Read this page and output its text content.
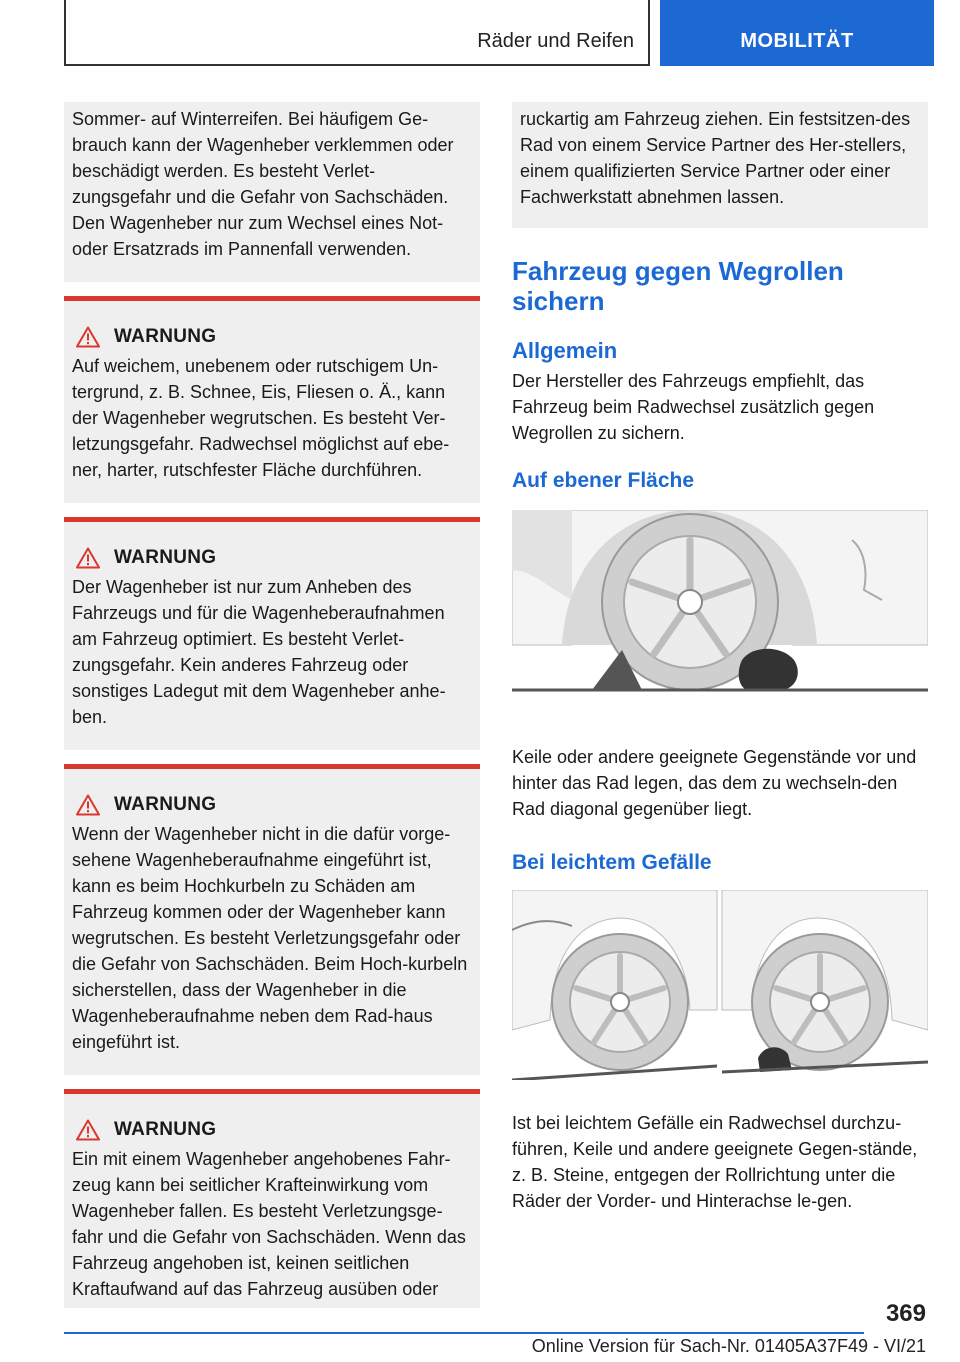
Räder und Reifen	MOBILITÄT

Sommer- auf Winterreifen. Bei häufigem Ge-brauch kann der Wagenheber verklemmen oder beschädigt werden. Es besteht Verlet-zungsgefahr und die Gefahr von Sachschäden. Den Wagenheber nur zum Wechsel eines Not- oder Ersatzrads im Pannenfall verwenden.

WARNUNG

Auf weichem, unebenem oder rutschigem Un-tergrund, z. B. Schnee, Eis, Fliesen o. Ä., kann der Wagenheber wegrutschen. Es besteht Ver-letzungsgefahr. Radwechsel möglichst auf ebe-ner, harter, rutschfester Fläche durchführen.

WARNUNG

Der Wagenheber ist nur zum Anheben des Fahrzeugs und für die Wagenheberaufnahmen am Fahrzeug optimiert. Es besteht Verlet-zungsgefahr. Kein anderes Fahrzeug oder sonstiges Ladegut mit dem Wagenheber anhe-ben.

WARNUNG

Wenn der Wagenheber nicht in die dafür vorge-sehene Wagenheberaufnahme eingeführt ist, kann es beim Hochkurbeln zu Schäden am Fahrzeug kommen oder der Wagenheber kann wegrutschen. Es besteht Verletzungsgefahr oder die Gefahr von Sachschäden. Beim Hoch-kurbeln sicherstellen, dass der Wagenheber in die Wagenheberaufnahme neben dem Rad-haus eingeführt ist.

WARNUNG

Ein mit einem Wagenheber angehobenes Fahr-zeug kann bei seitlicher Krafteinwirkung vom Wagenheber fallen. Es besteht Verletzungsge-fahr und die Gefahr von Sachschäden. Wenn das Fahrzeug angehoben ist, keinen seitlichen Kraftaufwand auf das Fahrzeug ausüben oder

ruckartig am Fahrzeug ziehen. Ein festsitzen-des Rad von einem Service Partner des Her-stellers, einem qualifizierten Service Partner oder einer Fachwerkstatt abnehmen lassen.

Fahrzeug gegen Wegrollen sichern
Allgemein

Der Hersteller des Fahrzeugs empfiehlt, das Fahrzeug beim Radwechsel zusätzlich gegen Wegrollen zu sichern.

Auf ebener Fläche

Keile oder andere geeignete Gegenstände vor und hinter das Rad legen, das dem zu wechseln-den Rad diagonal gegenüber liegt.

Bei leichtem Gefälle

Ist bei leichtem Gefälle ein Radwechsel durchzu-führen, Keile und andere geeignete Gegen-stände, z. B. Steine, entgegen der Rollrichtung unter die Räder der Vorder- und Hinterachse le-gen.

369
Online Version für Sach-Nr. 01405A37F49 - VI/21
